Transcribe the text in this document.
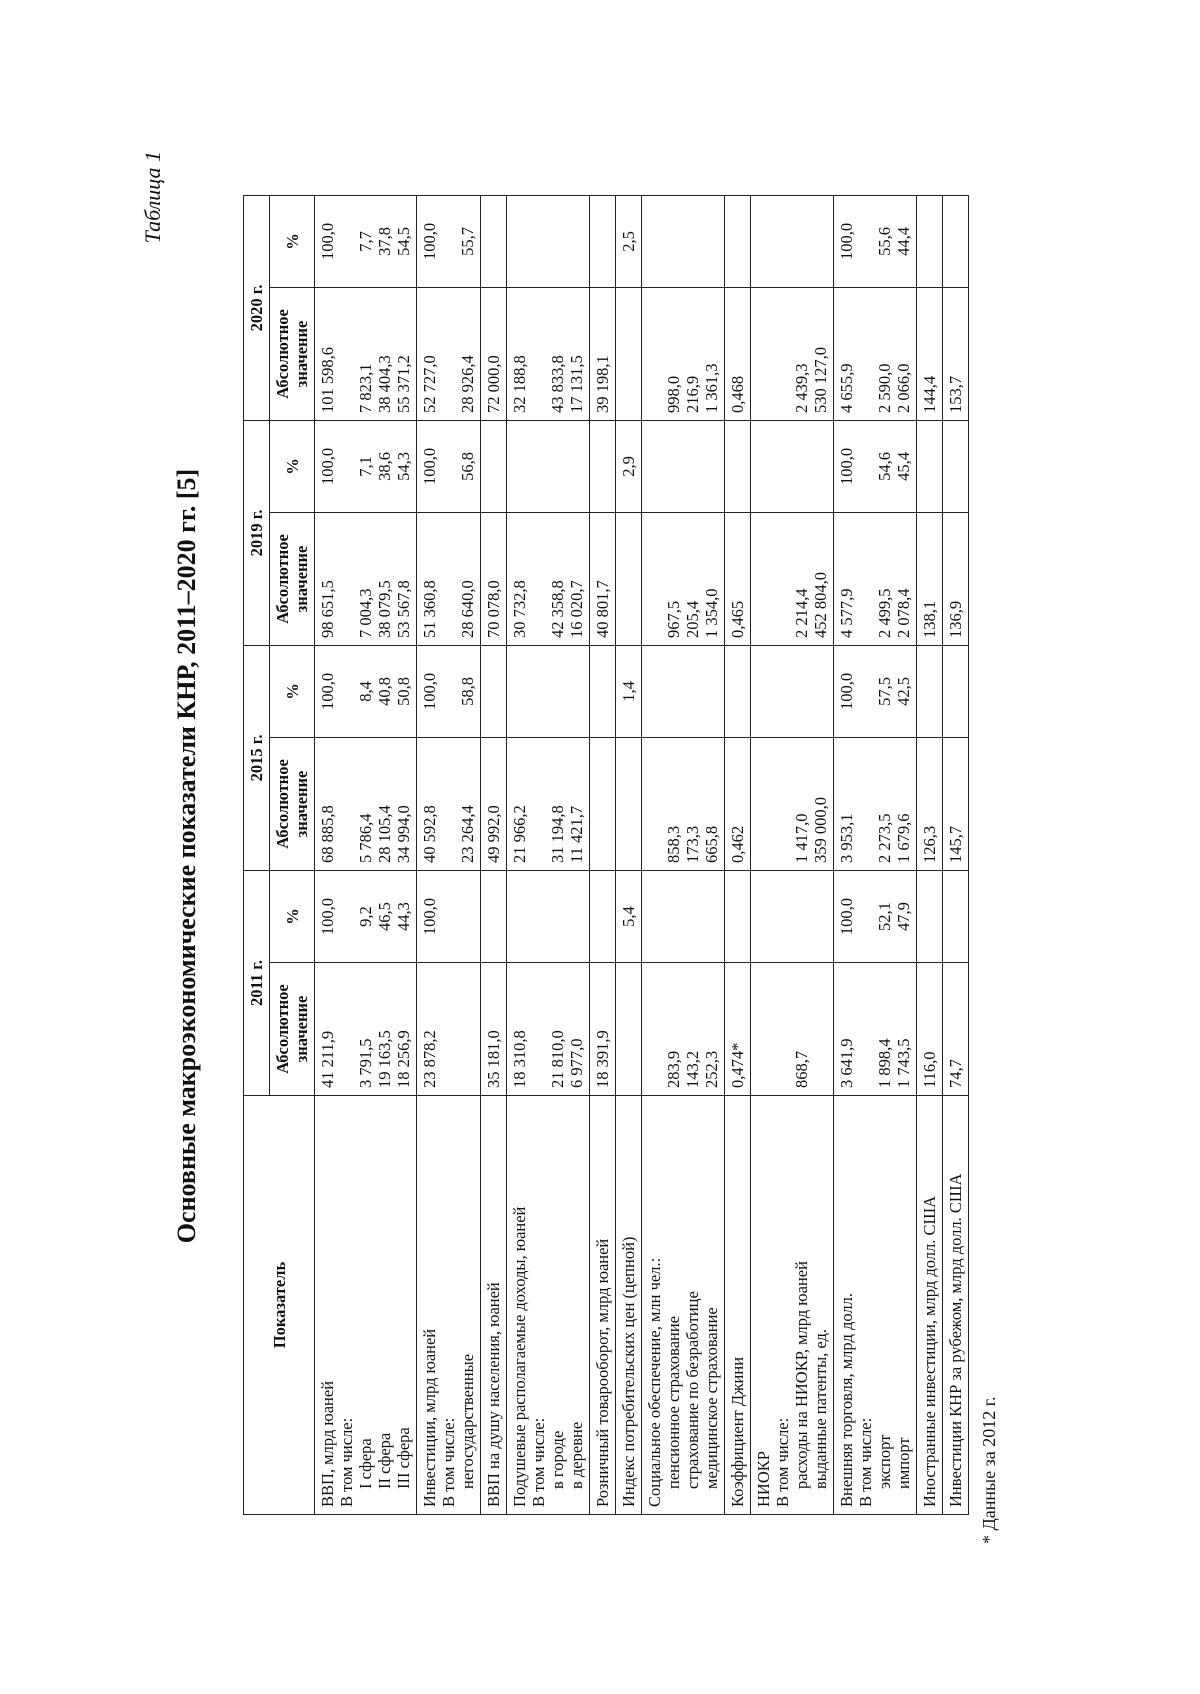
Таблица 1
Основные макроэкономические показатели КНР, 2011–2020 гг. [5]
Показатель	2011 г.		2015 г.		2019 г.		2020 г.	
	Абсолютное значение	%	Абсолютное значение	%	Абсолютное значение	%	Абсолютное значение	%

ВВП, млрд юаней В том числе: I сфера II сфера III сфера	41 211,9 3 791,5 19 163,5 18 256,9	100,0 9,2 46,5 44,3	68 885,8 5 786,4 28 105,4 34 994,0	100,0 8,4 40,8 50,8	98 651,5 7 004,3 38 079,5 53 567,8	100,0 7,1 38,6 54,3	101 598,6 7 823,1 38 404,3 55 371,2	100,0 7,7 37,8 54,5

Инвестиции, млрд юаней В том числе: негосударственные	23 878,2	100,0	40 592,8 23 264,4	100,0 58,8	51 360,8 28 640,0	100,0 56,8	52 727,0 28 926,4	100,0 55,7

ВВП на душу населения, юаней	35 181,0		49 992,0		70 078,0		72 000,0	

Подушевые располагаемые доходы, юаней В том числе: в городе в деревне	18 310,8 21 810,0 6 977,0		21 966,2 31 194,8 11 421,7		30 732,8 42 358,8 16 020,7		32 188,8 43 833,8 17 131,5	

Розничный товарооборот, млрд юаней	18 391,9				40 801,7		39 198,1	

Индекс потребительских цен (цепной)		5,4		1,4		2,9		2,5

Социальное обеспечение, млн чел.: пенсионное страхование страхование по безработице медицинское страхование	283,9 143,2 252,3		858,3 173,3 665,8		967,5 205,4 1 354,0		998,0 216,9 1 361,3	

Коэффициент Джини	0,474*		0,462		0,465		0,468	

НИОКР В том числе: расходы на НИОКР, млрд юаней выданные патенты, ед.	868,7		1 417,0 359 000,0		2 214,4 452 804,0		2 439,3 530 127,0	

Внешняя торговля, млрд долл. В том числе: экспорт импорт	3 641,9 1 898,4 1 743,5	100,0 52,1 47,9	3 953,1 2 273,5 1 679,6	100,0 57,5 42,5	4 577,9 2 499,5 2 078,4	100,0 54,6 45,4	4 655,9 2 590,0 2 066,0	100,0 55,6 44,4

Иностранные инвестиции, млрд долл. США	116,0		126,3		138,1		144,4	

Инвестиции КНР за рубежом, млрд долл. США	74,7		145,7		136,9		153,7	

* Данные за 2012 г.
